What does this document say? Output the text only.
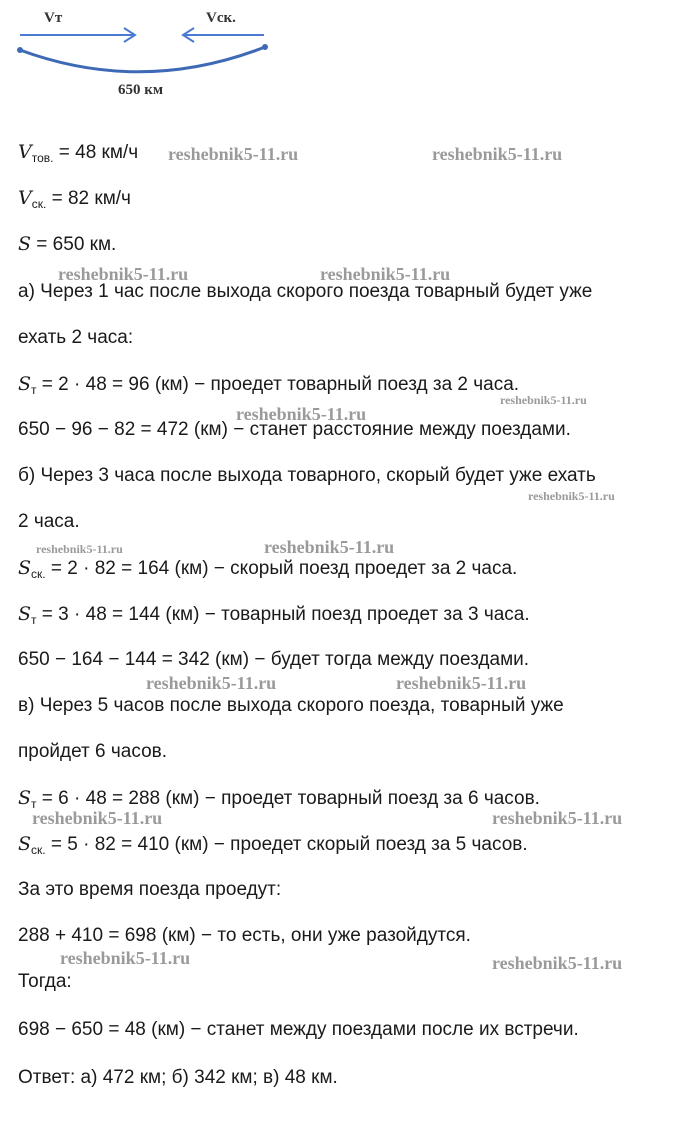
Vт	Vск.
650 км
$V_{тов.} = 48$ км/ч
$V_{ск.} = 82$ км/ч
S = 650 км.
а) Через 1 час после выхода скорого поезда товарный будет уже
ехать 2 часа:
$S_т = 2 \cdot 48 = 96$ (км) − проедет товарный поезд за 2 часа.
650 − 96 − 82 = 472 (км) − станет расстояние между поездами.
б) Через 3 часа после выхода товарного, скорый будет уже ехать
2 часа.
$S_{ск.} = 2 \cdot 82 = 164$ (км) − скорый поезд проедет за 2 часа.
$S_т = 3 \cdot 48 = 144$ (км) − товарный поезд проедет за 3 часа.
650 − 164 − 144 = 342 (км) − будет тогда между поездами.
в) Через 5 часов после выхода скорого поезда, товарный уже
пройдет 6 часов.
$S_т = 6 \cdot 48 = 288$ (км) − проедет товарный поезд за 6 часов.
$S_{ск.} = 5 \cdot 82 = 410$ (км) − проедет скорый поезд за 5 часов.
За это время поезда проедут:
288 + 410 = 698 (км) − то есть, они уже разойдутся.
Тогда:
698 − 650 = 48 (км) − станет между поездами после их встречи.
Ответ: а) 472 км; б) 342 км; в) 48 км.
reshebnik5-11.ru	reshebnik5-11.ru
reshebnik5-11.ru	reshebnik5-11.ru
reshebnik5-11.ru
reshebnik5-11.ru
reshebnik5-11.ru
reshebnik5-11.ru	reshebnik5-11.ru
reshebnik5-11.ru	reshebnik5-11.ru
reshebnik5-11.ru	reshebnik5-11.ru
reshebnik5-11.ru	reshebnik5-11.ru
